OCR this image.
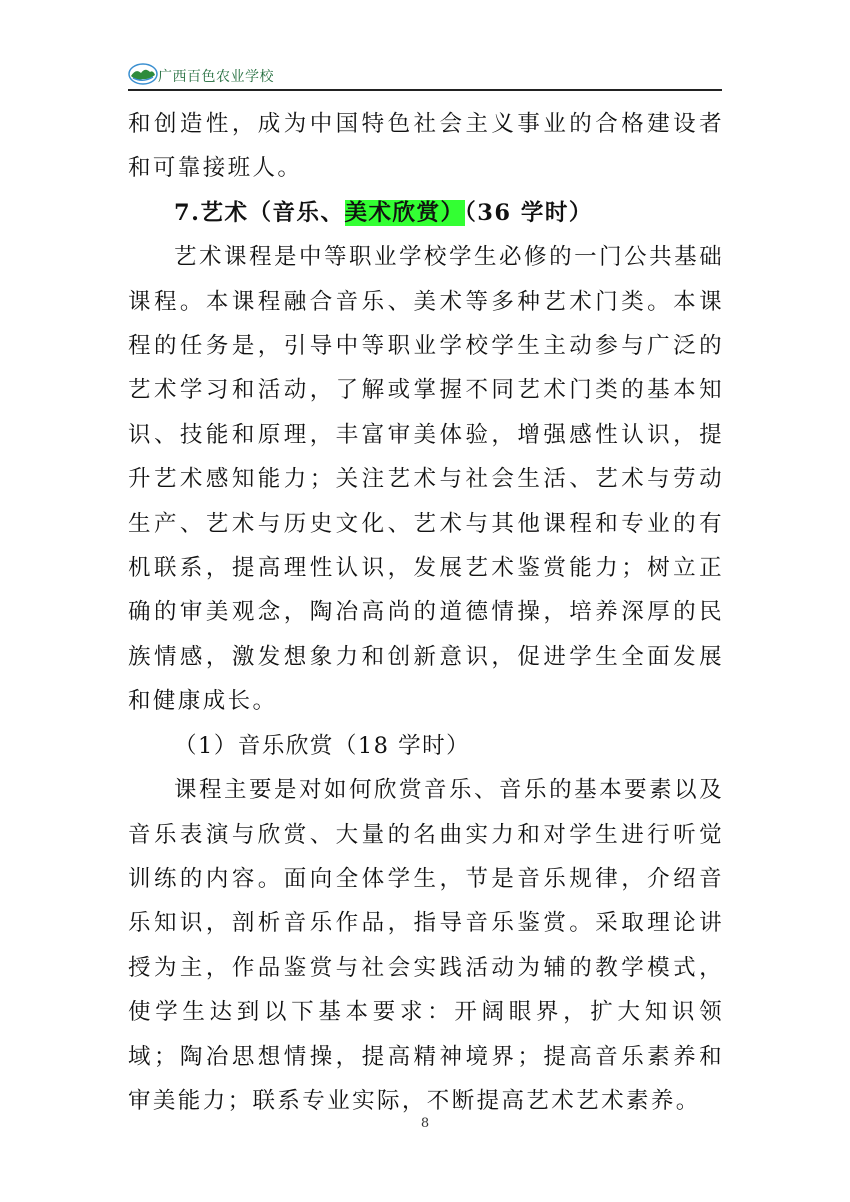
广西百色农业学校

和创造性，成为中国特色社会主义事业的合格建设者和可靠接班人。

7.艺术（音乐、美术欣赏）（36 学时）

艺术课程是中等职业学校学生必修的一门公共基础课程。本课程融合音乐、美术等多种艺术门类。本课程的任务是，引导中等职业学校学生主动参与广泛的艺术学习和活动，了解或掌握不同艺术门类的基本知识、技能和原理，丰富审美体验，增强感性认识，提升艺术感知能力；关注艺术与社会生活、艺术与劳动生产、艺术与历史文化、艺术与其他课程和专业的有机联系，提高理性认识，发展艺术鉴赏能力；树立正确的审美观念，陶冶高尚的道德情操，培养深厚的民族情感，激发想象力和创新意识，促进学生全面发展和健康成长。

（1）音乐欣赏（18 学时）

课程主要是对如何欣赏音乐、音乐的基本要素以及音乐表演与欣赏、大量的名曲实力和对学生进行听觉训练的内容。面向全体学生，节是音乐规律，介绍音乐知识，剖析音乐作品，指导音乐鉴赏。采取理论讲授为主，作品鉴赏与社会实践活动为辅的教学模式，使学生达到以下基本要求：开阔眼界，扩大知识领域；陶冶思想情操，提高精神境界；提高音乐素养和审美能力；联系专业实际，不断提高艺术艺术素养。

8
